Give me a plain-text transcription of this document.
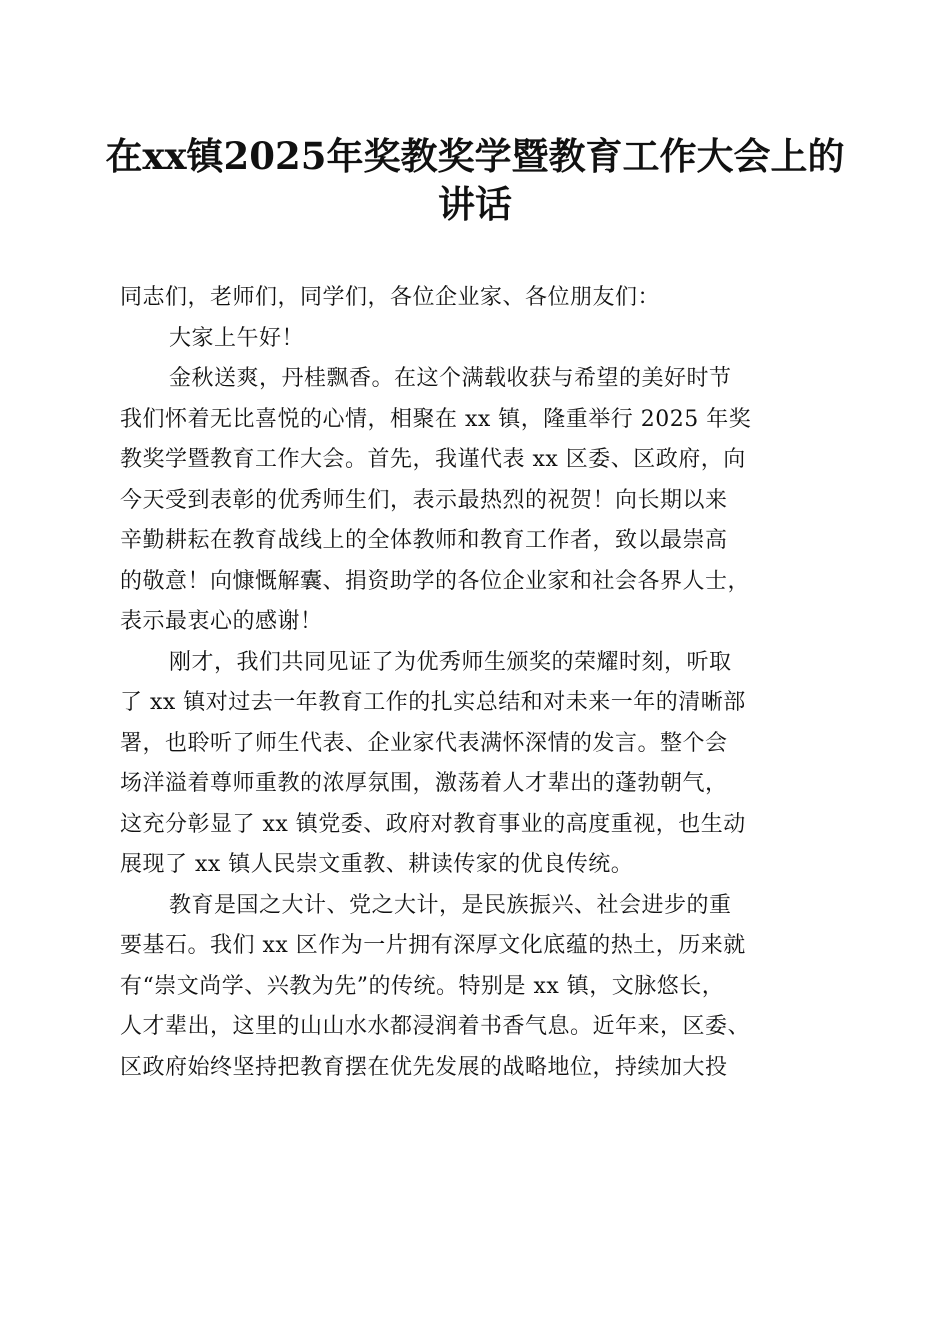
在xx镇2025年奖教奖学暨教育工作大会上的
讲话
同志们，老师们，同学们，各位企业家、各位朋友们：
大家上午好！
金秋送爽，丹桂飘香。在这个满载收获与希望的美好时节
我们怀着无比喜悦的心情，相聚在 xx 镇，隆重举行 2025 年奖
教奖学暨教育工作大会。首先，我谨代表 xx 区委、区政府，向
今天受到表彰的优秀师生们，表示最热烈的祝贺！向长期以来
辛勤耕耘在教育战线上的全体教师和教育工作者，致以最崇高
的敬意！向慷慨解囊、捐资助学的各位企业家和社会各界人士，
表示最衷心的感谢！
刚才，我们共同见证了为优秀师生颁奖的荣耀时刻，听取
了 xx 镇对过去一年教育工作的扎实总结和对未来一年的清晰部
署，也聆听了师生代表、企业家代表满怀深情的发言。整个会
场洋溢着尊师重教的浓厚氛围，激荡着人才辈出的蓬勃朝气，
这充分彰显了 xx 镇党委、政府对教育事业的高度重视，也生动
展现了 xx 镇人民崇文重教、耕读传家的优良传统。
教育是国之大计、党之大计，是民族振兴、社会进步的重
要基石。我们 xx 区作为一片拥有深厚文化底蕴的热土，历来就
有“崇文尚学、兴教为先”的传统。特别是 xx 镇，文脉悠长，
人才辈出，这里的山山水水都浸润着书香气息。近年来，区委、
区政府始终坚持把教育摆在优先发展的战略地位，持续加大投
